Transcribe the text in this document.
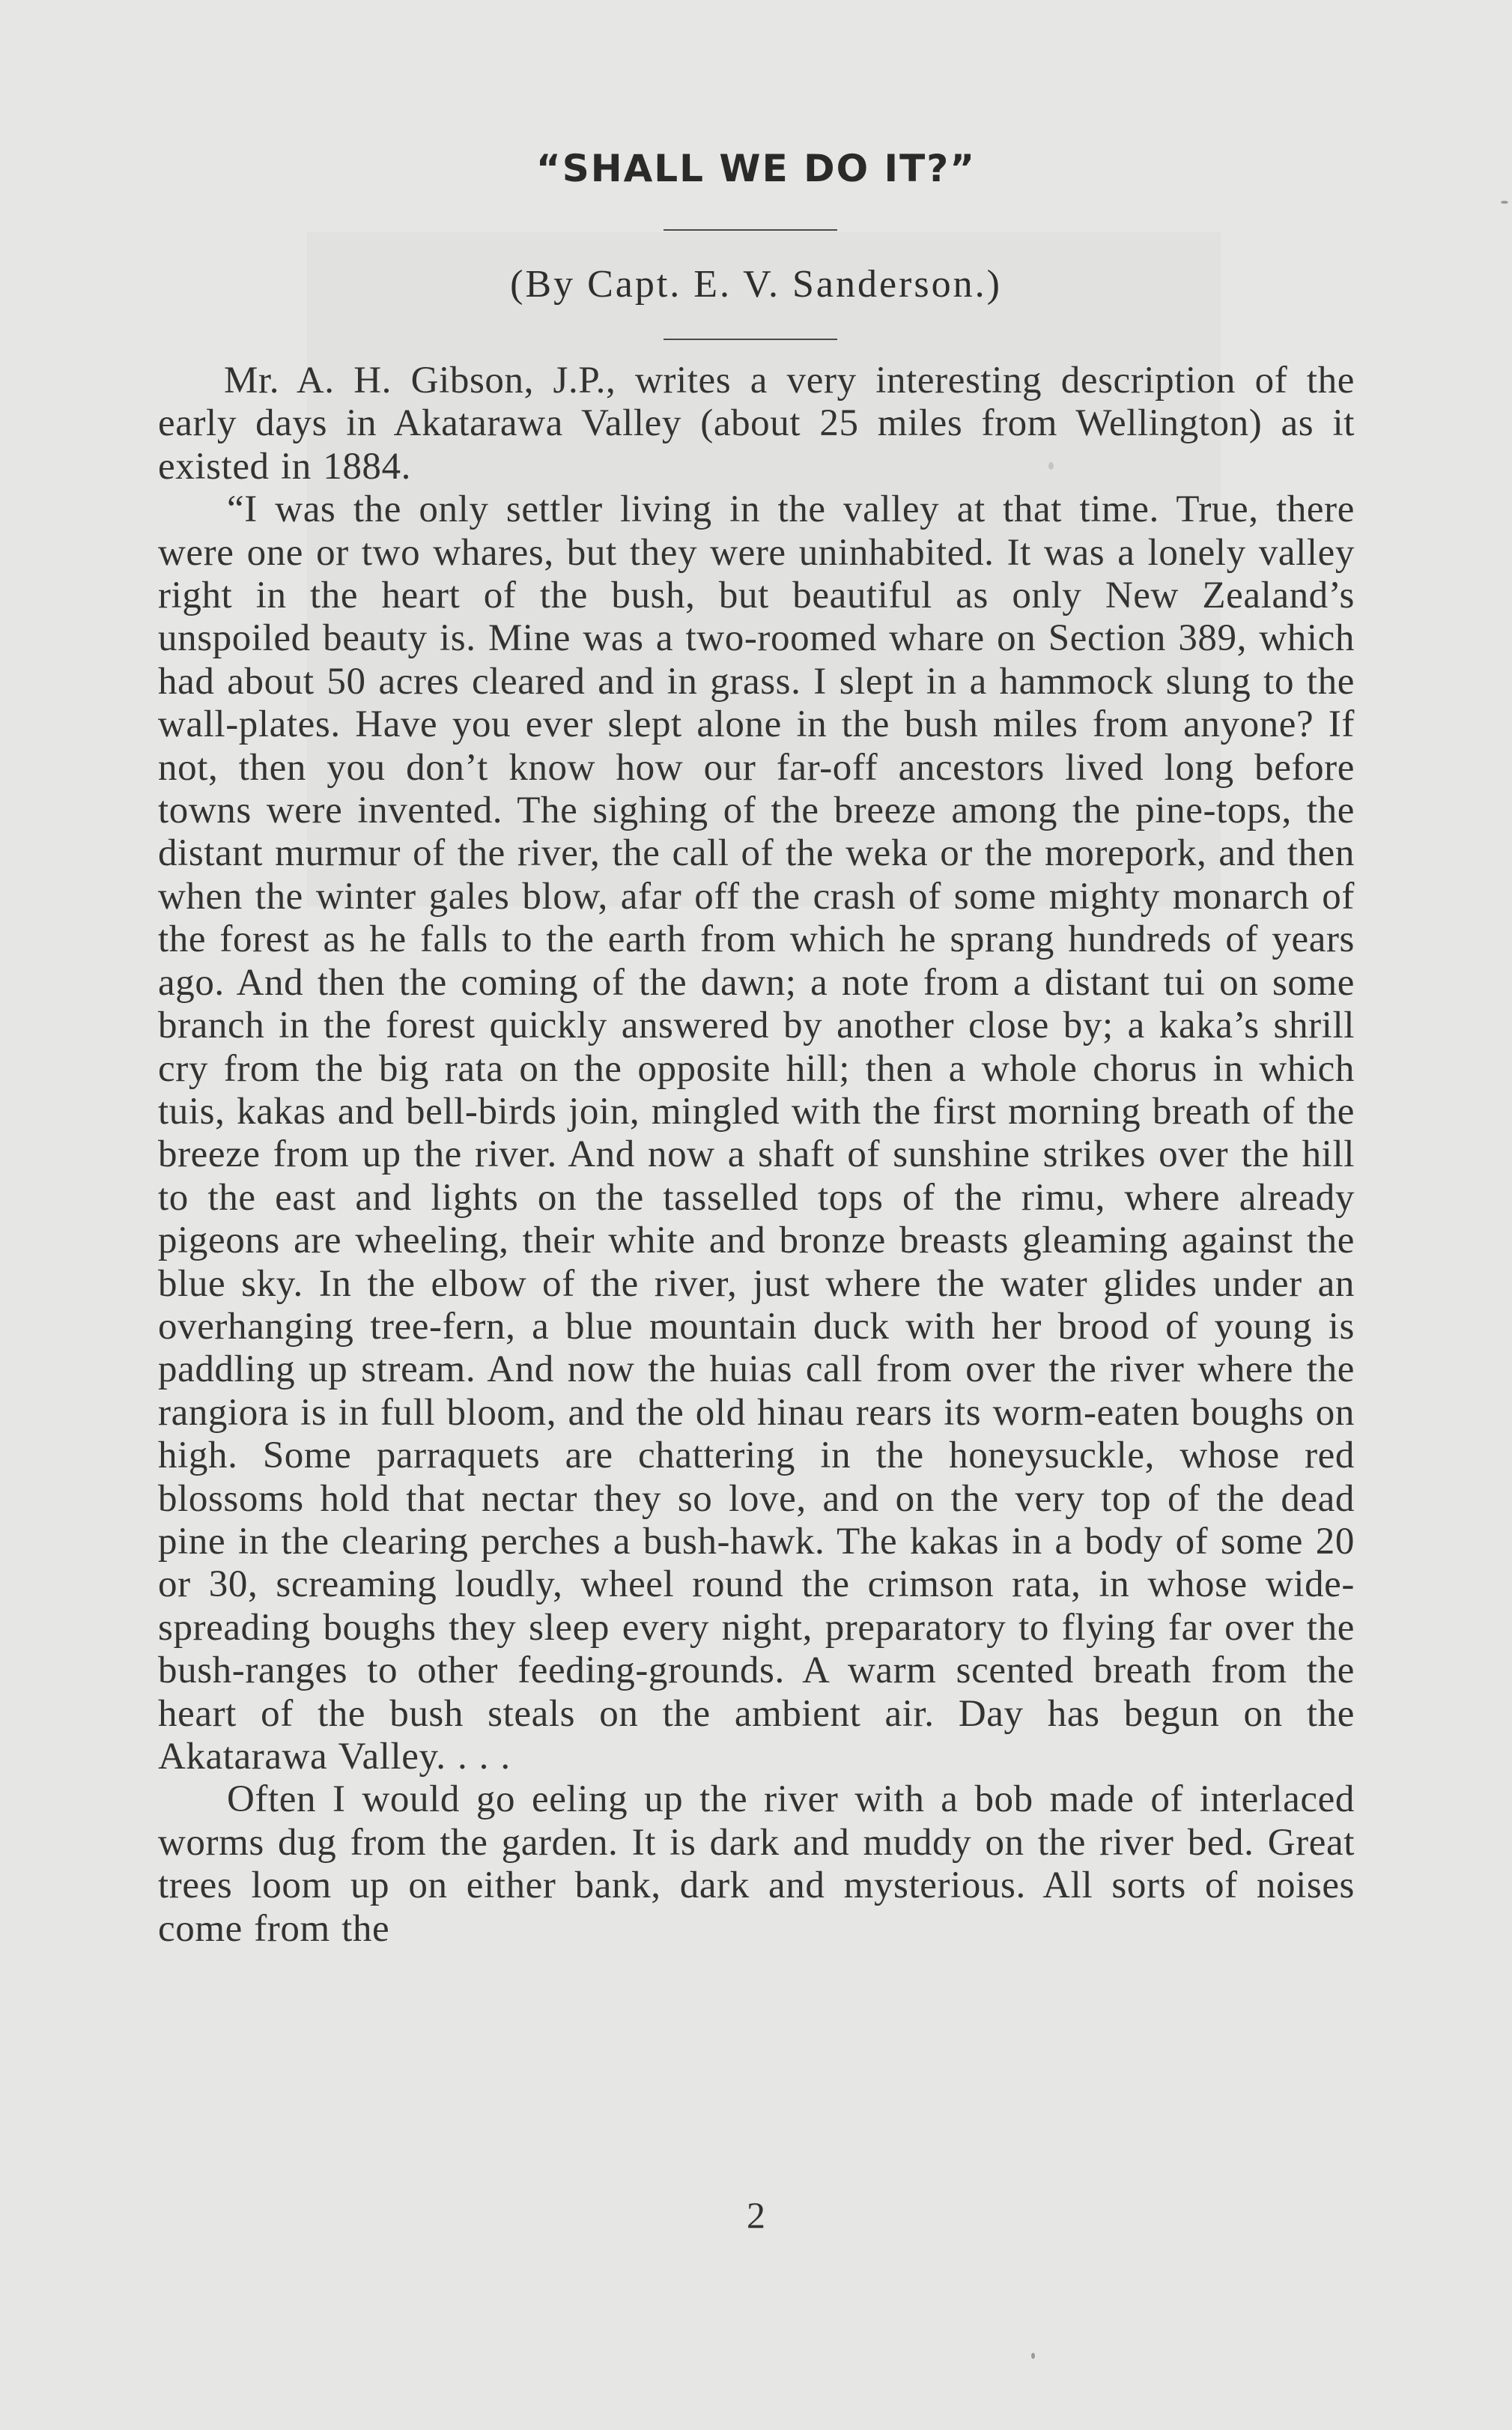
“SHALL WE DO IT?”

(By Capt. E. V. Sanderson.)

Mr. A. H. Gibson, J.P., writes a very interesting description of the early days in Akatarawa Valley (about 25 miles from Wellington) as it existed in 1884.

“I was the only settler living in the valley at that time. True, there were one or two whares, but they were uninhabited. It was a lonely valley right in the heart of the bush, but beautiful as only New Zealand’s unspoiled beauty is. Mine was a two-roomed whare on Section 389, which had about 50 acres cleared and in grass. I slept in a hammock slung to the wall-plates. Have you ever slept alone in the bush miles from anyone? If not, then you don’t know how our far-off ancestors lived long before towns were invented. The sighing of the breeze among the pine-tops, the distant murmur of the river, the call of the weka or the morepork, and then when the winter gales blow, afar off the crash of some mighty monarch of the forest as he falls to the earth from which he sprang hundreds of years ago. And then the coming of the dawn; a note from a distant tui on some branch in the forest quickly answered by another close by; a kaka’s shrill cry from the big rata on the opposite hill; then a whole chorus in which tuis, kakas and bell-birds join, mingled with the first morning breath of the breeze from up the river. And now a shaft of sunshine strikes over the hill to the east and lights on the tasselled tops of the rimu, where already pigeons are wheeling, their white and bronze breasts gleaming against the blue sky. In the elbow of the river, just where the water glides under an overhanging tree-fern, a blue mountain duck with her brood of young is paddling up stream. And now the huias call from over the river where the rangiora is in full bloom, and the old hinau rears its worm-eaten boughs on high. Some parraquets are chattering in the honeysuckle, whose red blossoms hold that nectar they so love, and on the very top of the dead pine in the clearing perches a bush-hawk. The kakas in a body of some 20 or 30, screaming loudly, wheel round the crimson rata, in whose wide-spreading boughs they sleep every night, preparatory to flying far over the bush-ranges to other feeding-grounds. A warm scented breath from the heart of the bush steals on the ambient air. Day has begun on the Akatarawa Valley. . . .

Often I would go eeling up the river with a bob made of interlaced worms dug from the garden. It is dark and muddy on the river bed. Great trees loom up on either bank, dark and mysterious. All sorts of noises come from the

2
